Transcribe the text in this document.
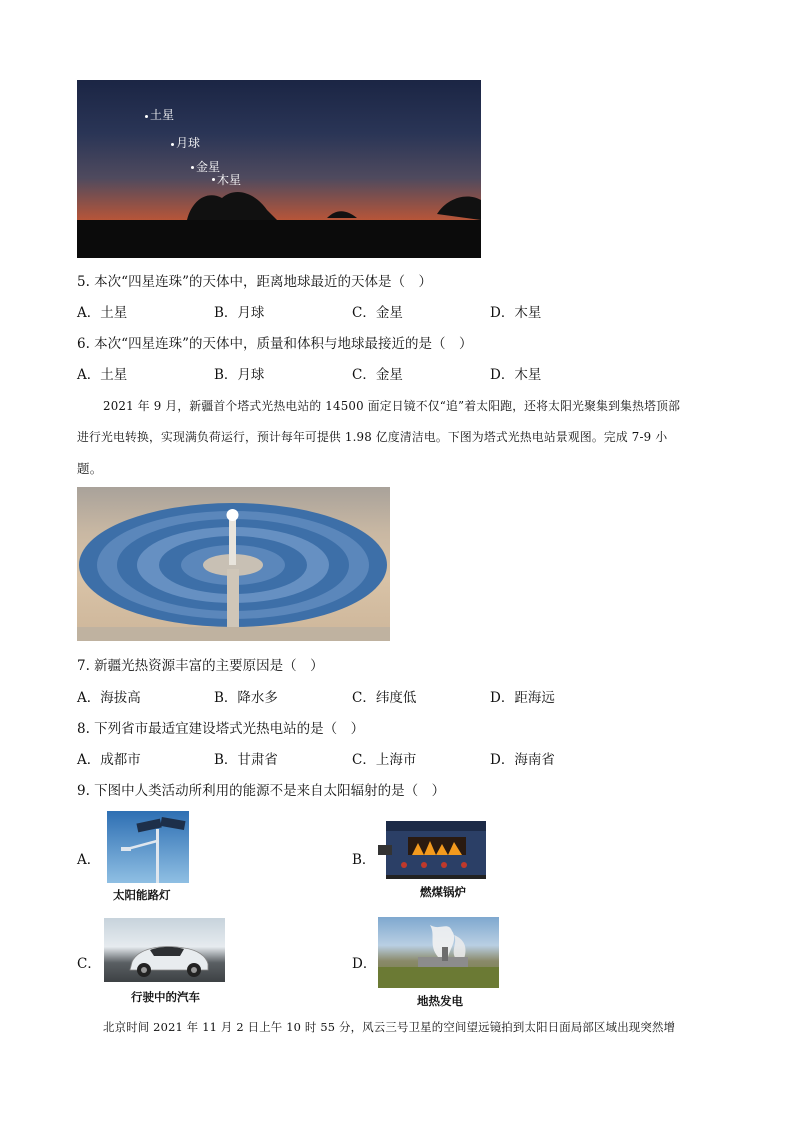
土星
月球
金星
木星
5. 本次“四星连珠”的天体中，距离地球最近的天体是（　）
A．土星	B．月球	C．金星	D．木星
6. 本次“四星连珠”的天体中，质量和体积与地球最接近的是（　）
A．土星	B．月球	C．金星	D．木星
2021 年 9 月，新疆首个塔式光热电站的 14500 面定日镜不仅“追”着太阳跑，还将太阳光聚集到集热塔顶部
进行光电转换，实现满负荷运行，预计每年可提供 1.98 亿度清洁电。下图为塔式光热电站景观图。完成 7-9 小
题。
7. 新疆光热资源丰富的主要原因是（　）
A．海拔高	B．降水多	C．纬度低	D．距海远
8. 下列省市最适宜建设塔式光热电站的是（　）
A．成都市	B．甘肃省	C．上海市	D．海南省
9. 下图中人类活动所利用的能源不是来自太阳辐射的是（　）
A．
太阳能路灯
B．
燃煤锅炉
C．
行驶中的汽车
D．
地热发电
北京时间 2021 年 11 月 2 日上午 10 时 55 分，风云三号卫星的空间望远镜拍到太阳日面局部区域出现突然增
